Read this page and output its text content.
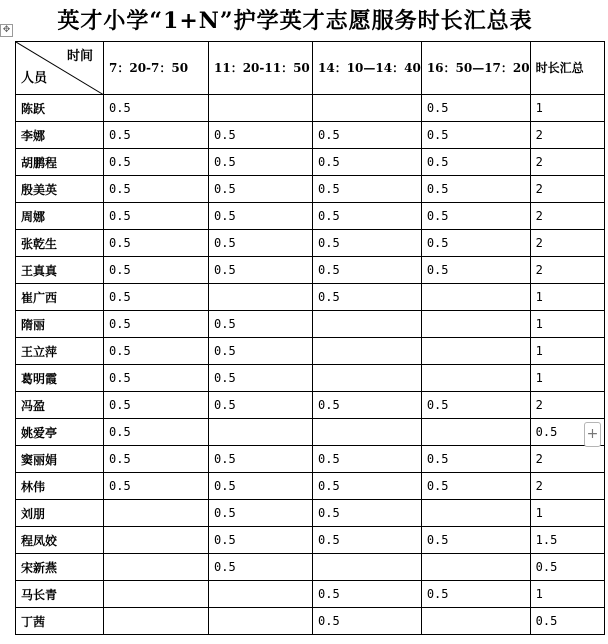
英才小学“1+N”护学英才志愿服务时长汇总表
✥
时间
人员	7：20-7：50	11：20-11：50	14：10—14：40	16：50—17：20	时长汇总
陈跃	0.5			0.5	1
李娜	0.5	0.5	0.5	0.5	2
胡鹏程	0.5	0.5	0.5	0.5	2
殷美英	0.5	0.5	0.5	0.5	2
周娜	0.5	0.5	0.5	0.5	2
张乾生	0.5	0.5	0.5	0.5	2
王真真	0.5	0.5	0.5	0.5	2
崔广西	0.5		0.5		1
隋丽	0.5	0.5			1
王立萍	0.5	0.5			1
葛明霞	0.5	0.5			1
冯盈	0.5	0.5	0.5	0.5	2
姚爱亭	0.5				0.5
窦丽娟	0.5	0.5	0.5	0.5	2
林伟	0.5	0.5	0.5	0.5	2
刘朋		0.5	0.5		1
程凤姣		0.5	0.5	0.5	1.5
宋新燕		0.5			0.5
马长青			0.5	0.5	1
丁茜			0.5		0.5
+
